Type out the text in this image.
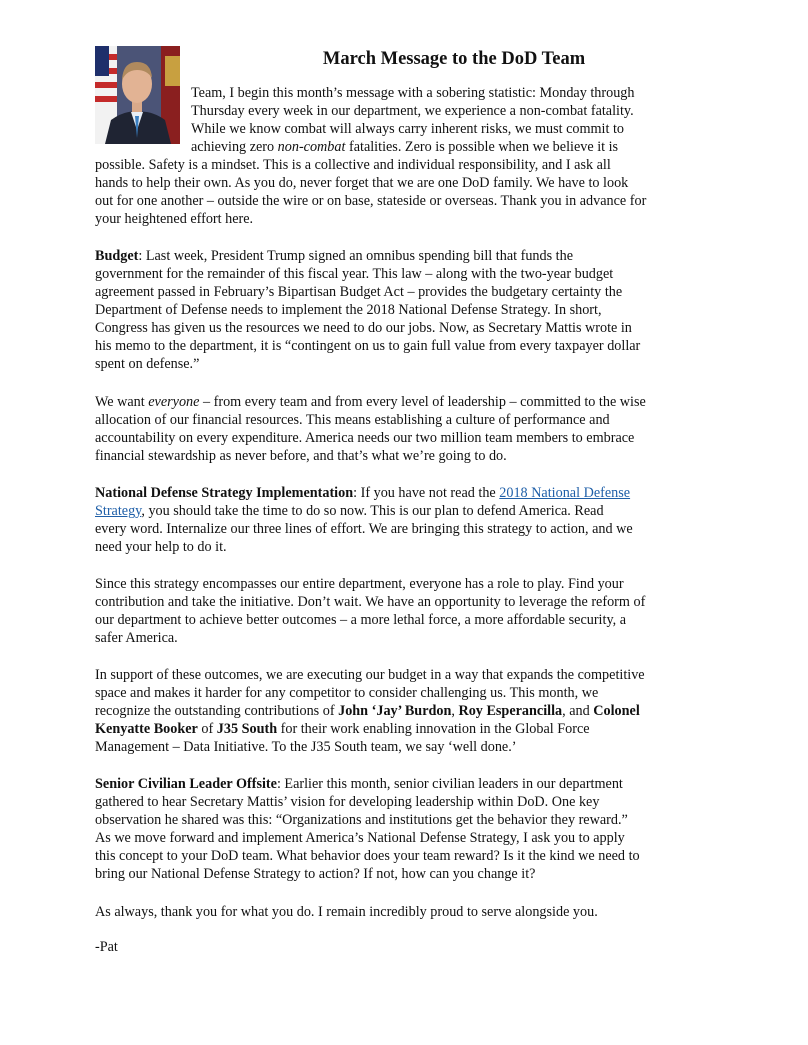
March Message to the DoD Team

Team, I begin this month’s message with a sobering statistic: Monday through

Thursday every week in our department, we experience a non-combat fatality.

While we know combat will always carry inherent risks, we must commit to

achieving zero non-combat fatalities. Zero is possible when we believe it is

possible. Safety is a mindset. This is a collective and individual responsibility, and I ask all

hands to help their own. As you do, never forget that we are one DoD family. We have to look

out for one another – outside the wire or on base, stateside or overseas. Thank you in advance for

your heightened effort here.

Budget: Last week, President Trump signed an omnibus spending bill that funds the

government for the remainder of this fiscal year. This law – along with the two-year budget

agreement passed in February’s Bipartisan Budget Act – provides the budgetary certainty the

Department of Defense needs to implement the 2018 National Defense Strategy. In short,

Congress has given us the resources we need to do our jobs. Now, as Secretary Mattis wrote in

his memo to the department, it is “contingent on us to gain full value from every taxpayer dollar

spent on defense.”

We want everyone – from every team and from every level of leadership – committed to the wise

allocation of our financial resources. This means establishing a culture of performance and

accountability on every expenditure. America needs our two million team members to embrace

financial stewardship as never before, and that’s what we’re going to do.

National Defense Strategy Implementation: If you have not read the 2018 National Defense

Strategy, you should take the time to do so now. This is our plan to defend America. Read

every word. Internalize our three lines of effort. We are bringing this strategy to action, and we

need your help to do it.

Since this strategy encompasses our entire department, everyone has a role to play. Find your

contribution and take the initiative. Don’t wait. We have an opportunity to leverage the reform of

our department to achieve better outcomes – a more lethal force, a more affordable security, a

safer America.

In support of these outcomes, we are executing our budget in a way that expands the competitive

space and makes it harder for any competitor to consider challenging us. This month, we

recognize the outstanding contributions of John ‘Jay’ Burdon, Roy Esperancilla, and Colonel

Kenyatte Booker of J35 South for their work enabling innovation in the Global Force

Management – Data Initiative. To the J35 South team, we say ‘well done.’

Senior Civilian Leader Offsite: Earlier this month, senior civilian leaders in our department

gathered to hear Secretary Mattis’ vision for developing leadership within DoD. One key

observation he shared was this: “Organizations and institutions get the behavior they reward.”

As we move forward and implement America’s National Defense Strategy, I ask you to apply

this concept to your DoD team. What behavior does your team reward? Is it the kind we need to

bring our National Defense Strategy to action? If not, how can you change it?

As always, thank you for what you do. I remain incredibly proud to serve alongside you.

-Pat
